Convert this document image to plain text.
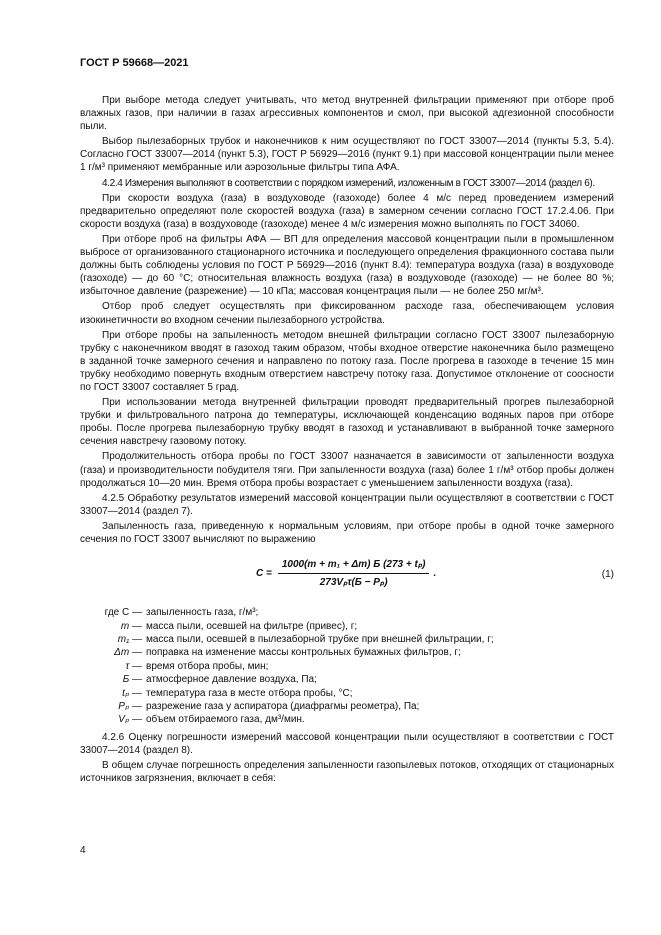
ГОСТ Р 59668—2021

При выборе метода следует учитывать, что метод внутренней фильтрации применяют при отборе проб влажных газов, при наличии в газах агрессивных компонентов и смол, при высокой адгезионной способности пыли.

Выбор пылезаборных трубок и наконечников к ним осуществляют по ГОСТ 33007—2014 (пункты 5.3, 5.4). Согласно ГОСТ 33007—2014 (пункт 5.3), ГОСТ Р 56929—2016 (пункт 9.1) при массовой концентрации пыли менее 1 г/м³ применяют мембранные или аэрозольные фильтры типа АФА.

4.2.4 Измерения выполняют в соответствии с порядком измерений, изложенным в ГОСТ 33007—2014 (раздел 6).

При скорости воздуха (газа) в воздуховоде (газоходе) более 4 м/с перед проведением измерений предварительно определяют поле скоростей воздуха (газа) в замерном сечении согласно ГОСТ 17.2.4.06. При скорости воздуха (газа) в воздуховоде (газоходе) менее 4 м/с измерения можно выполнять по ГОСТ 34060.

При отборе проб на фильтры АФА — ВП для определения массовой концентрации пыли в промышленном выбросе от организованного стационарного источника и последующего определения фракционного состава пыли должны быть соблюдены условия по ГОСТ Р 56929—2016 (пункт 8.4): температура воздуха (газа) в воздуховоде (газоходе) — до 60 °С; относительная влажность воздуха (газа) в воздуховоде (газоходе) — не более 80 %; избыточное давление (разрежение) — 10 кПа; массовая концентрация пыли — не более 250 мг/м³.

Отбор проб следует осуществлять при фиксированном расходе газа, обеспечивающем условия изокинетичности во входном сечении пылезаборного устройства.

При отборе пробы на запыленность методом внешней фильтрации согласно ГОСТ 33007 пылезаборную трубку с наконечником вводят в газоход таким образом, чтобы входное отверстие наконечника было размещено в заданной точке замерного сечения и направлено по потоку газа. После прогрева в газоходе в течение 15 мин трубку необходимо повернуть входным отверстием навстречу потоку газа. Допустимое отклонение от соосности по ГОСТ 33007 составляет 5 град.

При использовании метода внутренней фильтрации проводят предварительный прогрев пылезаборной трубки и фильтровального патрона до температуры, исключающей конденсацию водяных паров при отборе пробы. После прогрева пылезаборную трубку вводят в газоход и устанавливают в выбранной точке замерного сечения навстречу газовому потоку.

Продолжительность отбора пробы по ГОСТ 33007 назначается в зависимости от запыленности воздуха (газа) и производительности побудителя тяги. При запыленности воздуха (газа) более 1 г/м³ отбор пробы должен продолжаться 10—20 мин. Время отбора пробы возрастает с уменьшением запыленности воздуха (газа).

4.2.5 Обработку результатов измерений массовой концентрации пыли осуществляют в соответствии с ГОСТ 33007—2014 (раздел 7).

Запыленность газа, приведенную к нормальным условиям, при отборе пробы в одной точке замерного сечения по ГОСТ 33007 вычисляют по выражению

$C = \frac{\text{1000(m + m₁ + Δm) Б (273 + tₚ)}}{\text{273Vₚτ(Б − Pₚ)}}$ .	(1)
где C — запыленность газа, г/м³;
m — масса пыли, осевшей на фильтре (привес), г;
m₁ — масса пыли, осевшей в пылезаборной трубке при внешней фильтрации, г;
Δm — поправка на изменение массы контрольных бумажных фильтров, г;
τ — время отбора пробы, мин;
Б — атмосферное давление воздуха, Па;
tₚ — температура газа в месте отбора пробы, °С;
Pₚ — разрежение газа у аспиратора (диафрагмы реометра), Па;
Vₚ — объем отбираемого газа, дм³/мин.

4.2.6 Оценку погрешности измерений массовой концентрации пыли осуществляют в соответствии с ГОСТ 33007—2014 (раздел 8).

В общем случае погрешность определения запыленности газопылевых потоков, отходящих от стационарных источников загрязнения, включает в себя:

4
